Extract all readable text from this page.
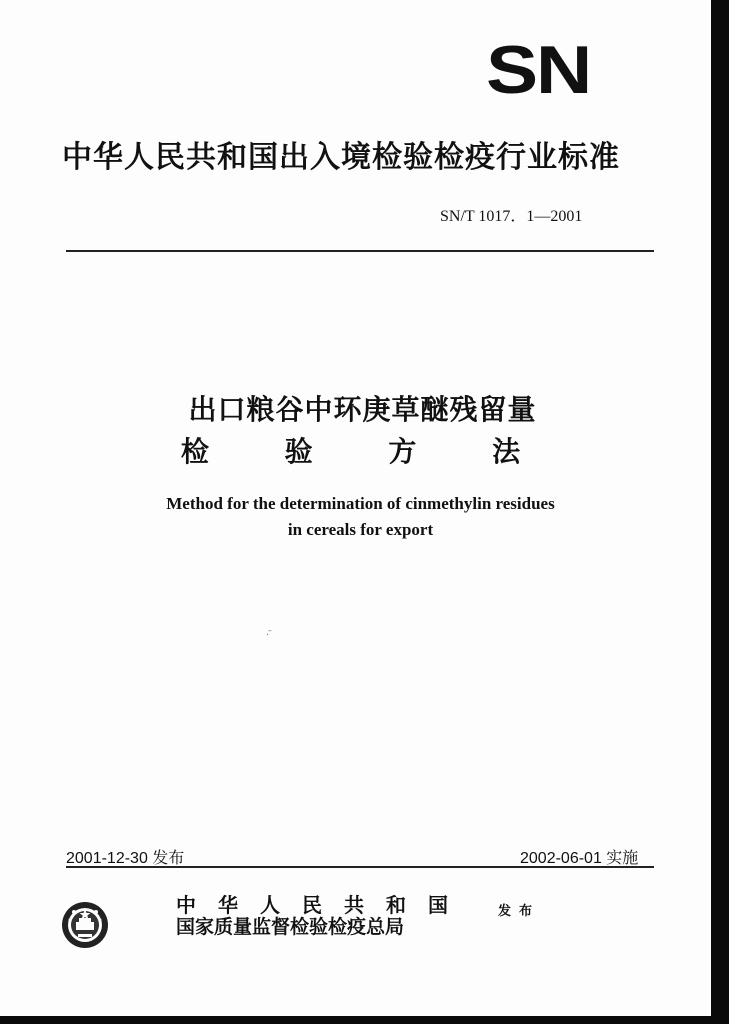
SN
中华人民共和国出入境检验检疫行业标准
SN/T 1017．1—2001
出口粮谷中环庚草醚残留量
检 验 方 法
Method for the determination of cinmethylin residues
in cereals for export
· ̄
2001-12-30 发布	2002-06-01 实施
中华人民共和国
国家质量监督检验检疫总局
发布
